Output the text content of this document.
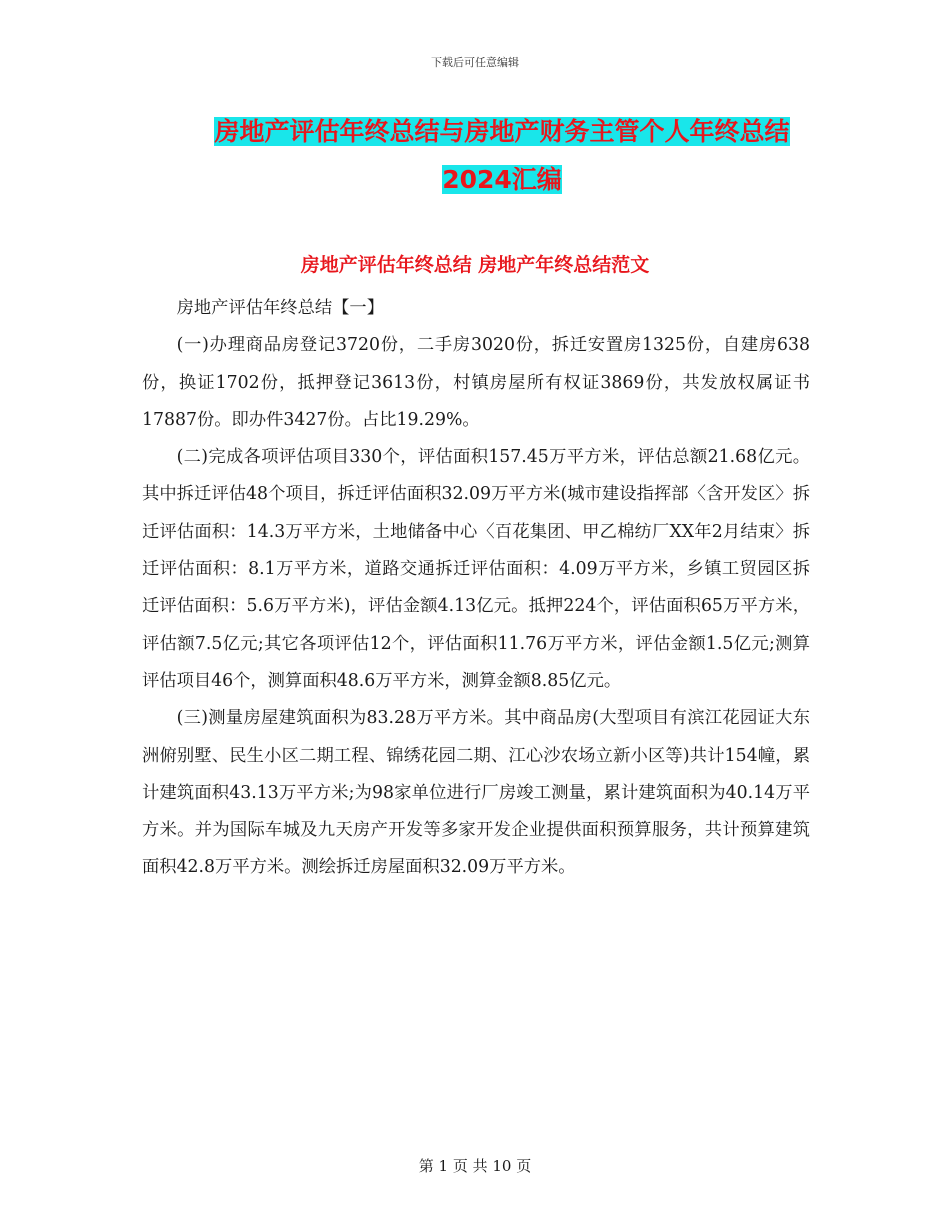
下载后可任意编辑
房地产评估年终总结与房地产财务主管个人年终总结
2024汇编
房地产评估年终总结 房地产年终总结范文

房地产评估年终总结【一】

(一)办理商品房登记3720份，二手房3020份，拆迁安置房1325份，自建房638份，换证1702份，抵押登记3613份，村镇房屋所有权证3869份，共发放权属证书17887份。即办件3427份。占比19.29%。

(二)完成各项评估项目330个，评估面积157.45万平方米，评估总额21.68亿元。其中拆迁评估48个项目，拆迁评估面积32.09万平方米(城市建设指挥部〈含开发区〉拆迁评估面积：14.3万平方米，土地储备中心〈百花集团、甲乙棉纺厂XX年2月结束〉拆迁评估面积：8.1万平方米，道路交通拆迁评估面积：4.09万平方米，乡镇工贸园区拆迁评估面积：5.6万平方米)，评估金额4.13亿元。抵押224个，评估面积65万平方米，评估额7.5亿元;其它各项评估12个，评估面积11.76万平方米，评估金额1.5亿元;测算评估项目46个，测算面积48.6万平方米，测算金额8.85亿元。

(三)测量房屋建筑面积为83.28万平方米。其中商品房(大型项目有滨江花园证大东洲俯别墅、民生小区二期工程、锦绣花园二期、江心沙农场立新小区等)共计154幢，累计建筑面积43.13万平方米;为98家单位进行厂房竣工测量，累计建筑面积为40.14万平方米。并为国际车城及九天房产开发等多家开发企业提供面积预算服务，共计预算建筑面积42.8万平方米。测绘拆迁房屋面积32.09万平方米。

第 1 页 共 10 页
